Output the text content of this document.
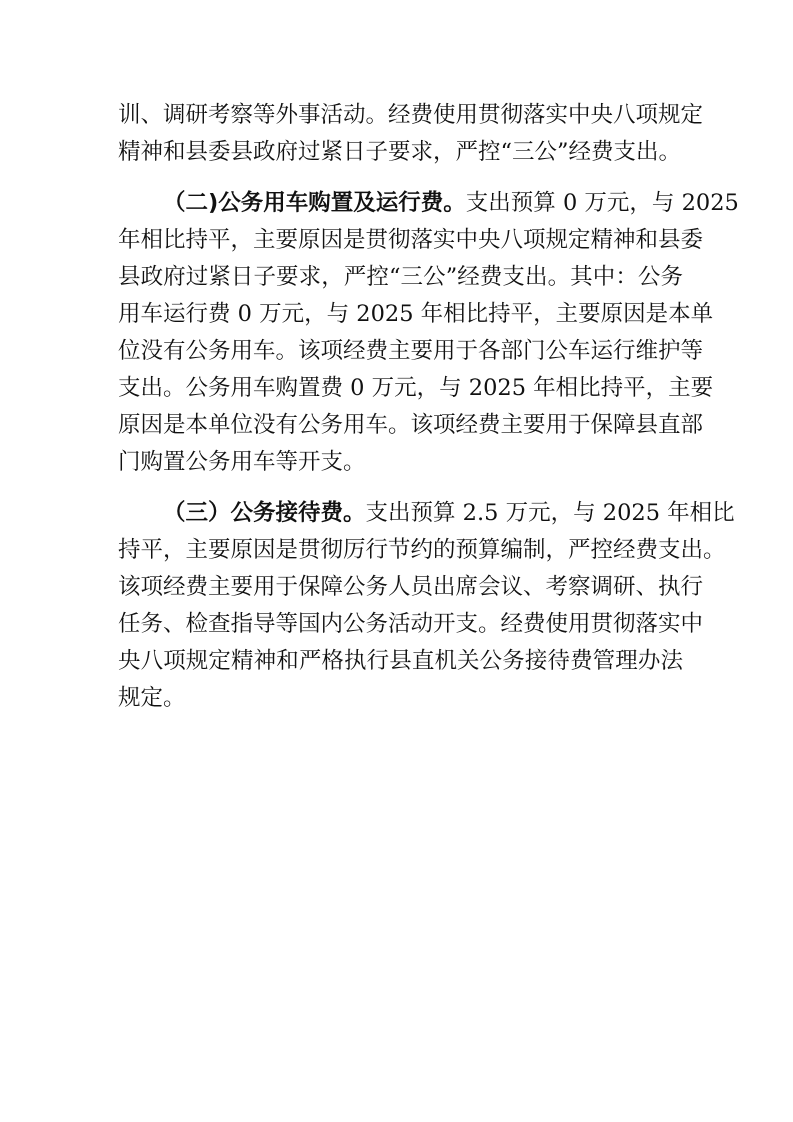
训、调研考察等外事活动。经费使用贯彻落实中央八项规定
精神和县委县政府过紧日子要求，严控“三公”经费支出。
（二)公务用车购置及运行费。支出预算 0 万元，与 2025
年相比持平，主要原因是贯彻落实中央八项规定精神和县委
县政府过紧日子要求，严控“三公”经费支出。其中：公务
用车运行费 0 万元，与 2025 年相比持平，主要原因是本单
位没有公务用车。该项经费主要用于各部门公车运行维护等
支出。公务用车购置费 0 万元，与 2025 年相比持平，主要
原因是本单位没有公务用车。该项经费主要用于保障县直部
门购置公务用车等开支。
（三）公务接待费。支出预算 2.5 万元，与 2025 年相比
持平，主要原因是贯彻厉行节约的预算编制，严控经费支出。
该项经费主要用于保障公务人员出席会议、考察调研、执行
任务、检查指导等国内公务活动开支。经费使用贯彻落实中
央八项规定精神和严格执行县直机关公务接待费管理办法
规定。
